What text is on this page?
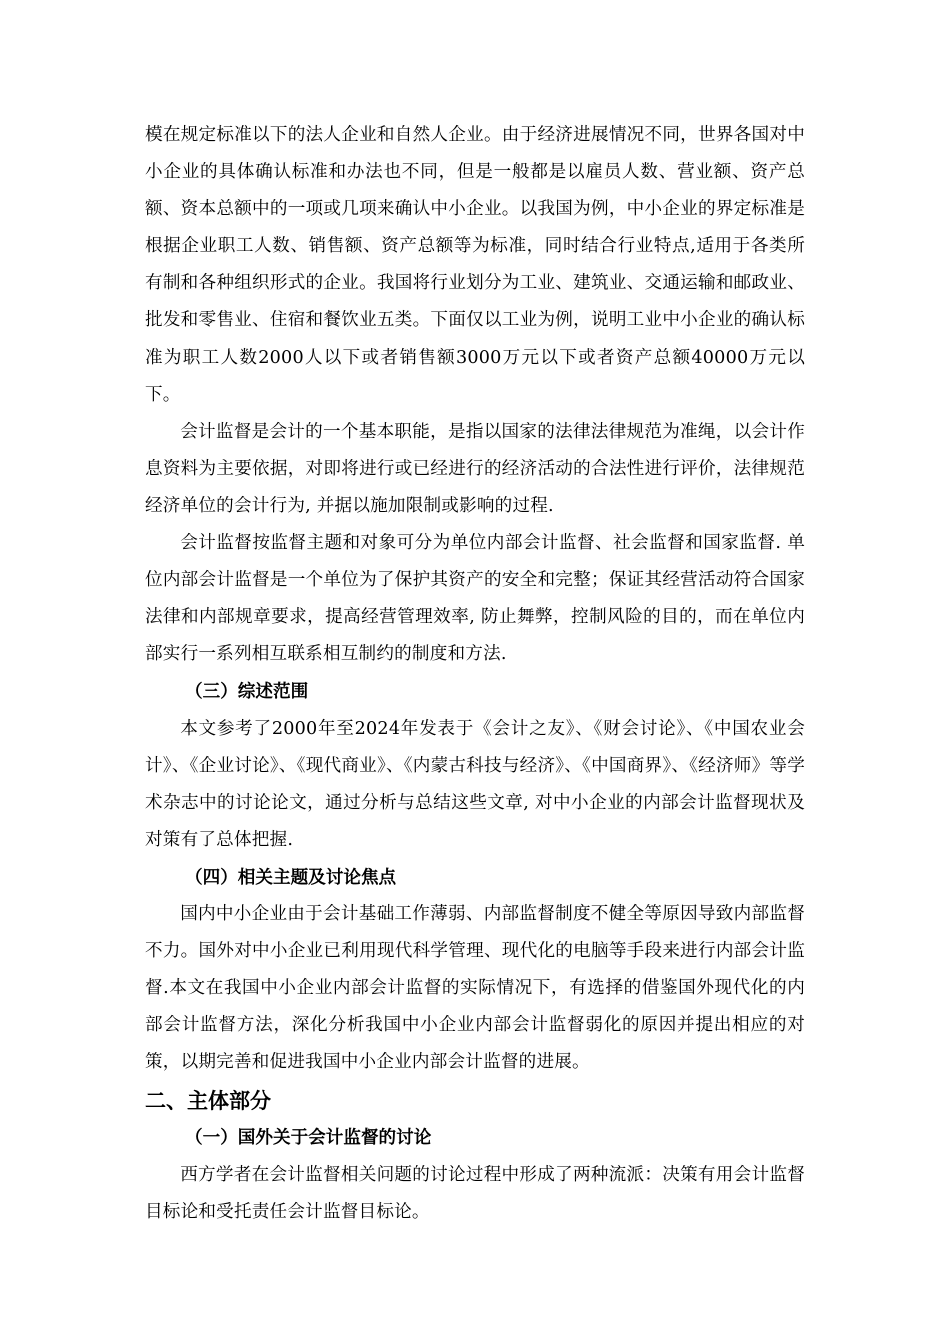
模在规定标准以下的法人企业和自然人企业。由于经济进展情况不同，世界各国对中小企业的具体确认标准和办法也不同，但是一般都是以雇员人数、营业额、资产总额、资本总额中的一项或几项来确认中小企业。以我国为例，中小企业的界定标准是根据企业职工人数、销售额、资产总额等为标准，同时结合行业特点,适用于各类所有制和各种组织形式的企业。我国将行业划分为工业、建筑业、交通运输和邮政业、批发和零售业、住宿和餐饮业五类。下面仅以工业为例，说明工业中小企业的确认标准为职工人数2000人以下或者销售额3000万元以下或者资产总额40000万元以下。

会计监督是会计的一个基本职能，是指以国家的法律法律规范为准绳，以会计作息资料为主要依据，对即将进行或已经进行的经济活动的合法性进行评价，法律规范经济单位的会计行为, 并据以施加限制或影响的过程.

会计监督按监督主题和对象可分为单位内部会计监督、社会监督和国家监督. 单位内部会计监督是一个单位为了保护其资产的安全和完整；保证其经营活动符合国家法律和内部规章要求，提高经营管理效率, 防止舞弊，控制风险的目的，而在单位内部实行一系列相互联系相互制约的制度和方法.

（三）综述范围

本文参考了2000年至2024年发表于《会计之友》、《财会讨论》、《中国农业会计》、《企业讨论》、《现代商业》、《内蒙古科技与经济》、《中国商界》、《经济师》等学术杂志中的讨论论文，通过分析与总结这些文章, 对中小企业的内部会计监督现状及对策有了总体把握.

（四）相关主题及讨论焦点

国内中小企业由于会计基础工作薄弱、内部监督制度不健全等原因导致内部监督不力。国外对中小企业已利用现代科学管理、现代化的电脑等手段来进行内部会计监督.本文在我国中小企业内部会计监督的实际情况下，有选择的借鉴国外现代化的内部会计监督方法，深化分析我国中小企业内部会计监督弱化的原因并提出相应的对策，以期完善和促进我国中小企业内部会计监督的进展。

二、主体部分

（一）国外关于会计监督的讨论

西方学者在会计监督相关问题的讨论过程中形成了两种流派：决策有用会计监督目标论和受托责任会计监督目标论。
